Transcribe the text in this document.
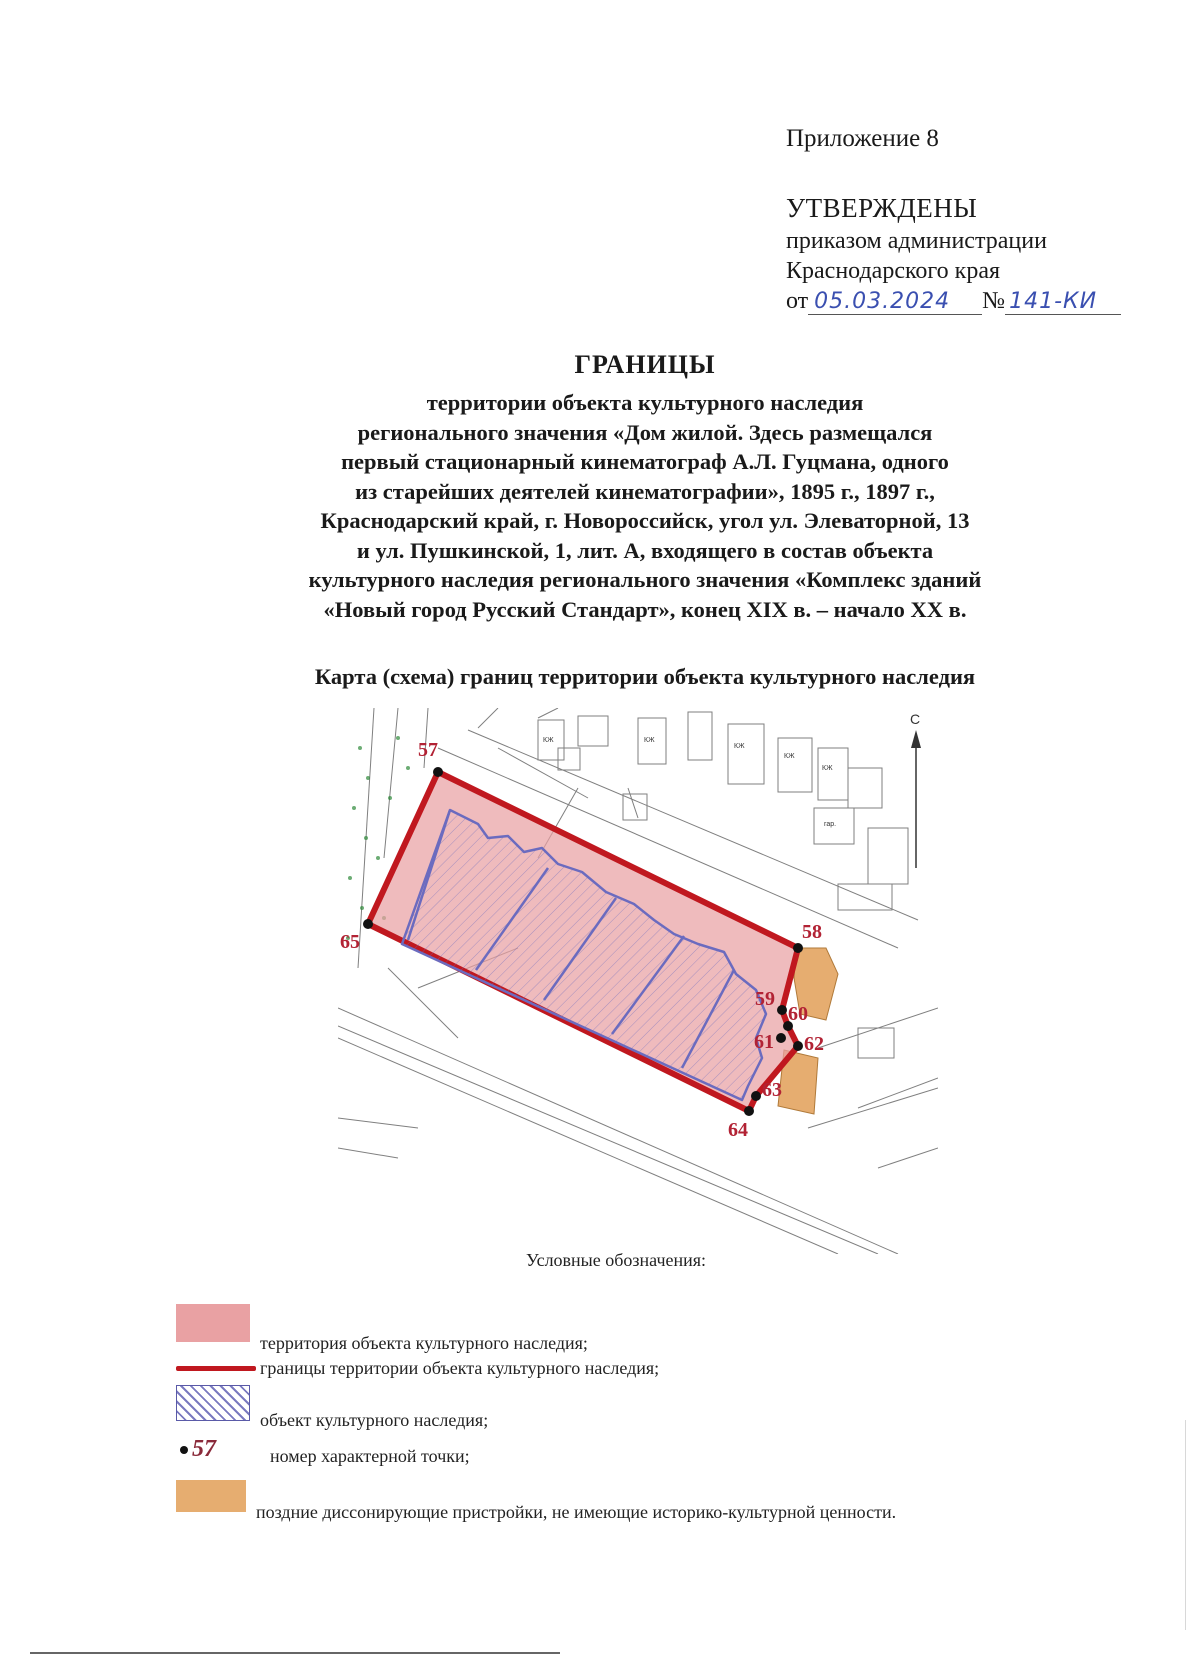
Приложение 8
УТВЕРЖДЕНЫ
приказом администрации
Краснодарского края
от 05.03.2024 № 141-КИ
ГРАНИЦЫ
территории объекта культурного наследия
регионального значения «Дом жилой. Здесь размещался
первый стационарный кинематограф А.Л. Гуцмана, одного
из старейших деятелей кинематографии», 1895 г., 1897 г.,
Краснодарский край, г. Новороссийск, угол ул. Элеваторной, 13
и ул. Пушкинской, 1, лит. А, входящего в состав объекта
культурного наследия регионального значения «Комплекс зданий
«Новый город Русский Стандарт», конец XIX в. – начало XX в.
Карта (схема) границ территории объекта культурного наследия
С
КЖ	КЖ
КЖ
КЖ
КЖ
гар.
57
58
59
60
61 62
63
64
65
Условные обозначения:
территория объекта культурного наследия;
границы территории объекта культурного наследия;
объект культурного наследия;
57	номер характерной точки;
поздние диссонирующие пристройки, не имеющие историко-культурной ценности.
